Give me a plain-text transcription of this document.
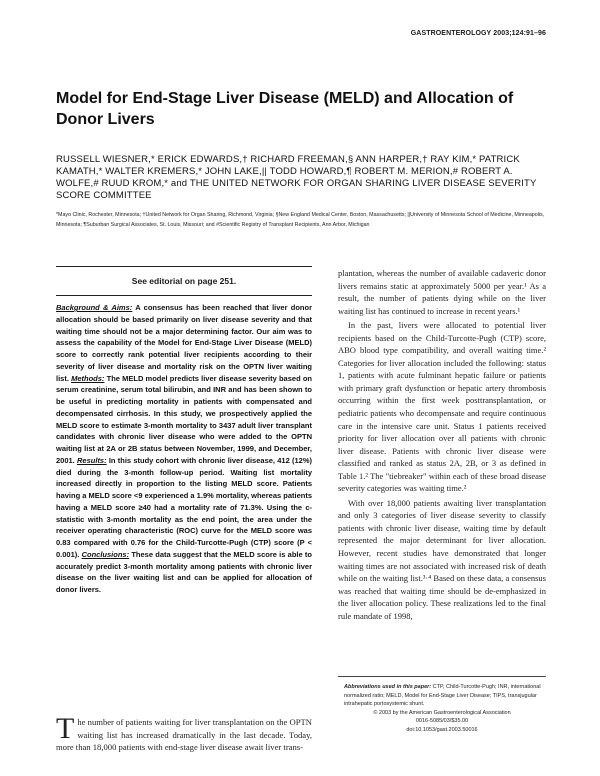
GASTROENTEROLOGY 2003;124:91–96
Model for End-Stage Liver Disease (MELD) and Allocation of Donor Livers
RUSSELL WIESNER,* ERICK EDWARDS,† RICHARD FREEMAN,§ ANN HARPER,† RAY KIM,* PATRICK KAMATH,* WALTER KREMERS,* JOHN LAKE,|| TODD HOWARD,¶ ROBERT M. MERION,# ROBERT A. WOLFE,# RUUD KROM,* and THE UNITED NETWORK FOR ORGAN SHARING LIVER DISEASE SEVERITY SCORE COMMITTEE
*Mayo Clinic, Rochester, Minnesota; †United Network for Organ Sharing, Richmond, Virginia; §New England Medical Center, Boston, Massachusetts; ||University of Minnesota School of Medicine, Minneapolis, Minnesota; ¶Suburban Surgical Associates, St. Louis, Missouri; and #Scientific Registry of Transplant Recipients, Ann Arbor, Michigan
See editorial on page 251.

Background & Aims: A consensus has been reached that liver donor allocation should be based primarily on liver disease severity and that waiting time should not be a major determining factor. Our aim was to assess the capability of the Model for End-Stage Liver Disease (MELD) score to correctly rank potential liver recipients according to their severity of liver disease and mortality risk on the OPTN liver waiting list. Methods: The MELD model predicts liver disease severity based on serum creatinine, serum total bilirubin, and INR and has been shown to be useful in predicting mortality in patients with compensated and decompensated cirrhosis. In this study, we prospectively applied the MELD score to estimate 3-month mortality to 3437 adult liver transplant candidates with chronic liver disease who were added to the OPTN waiting list at 2A or 2B status between November, 1999, and December, 2001. Results: In this study cohort with chronic liver disease, 412 (12%) died during the 3-month follow-up period. Waiting list mortality increased directly in proportion to the listing MELD score. Patients having a MELD score <9 experienced a 1.9% mortality, whereas patients having a MELD score ≥40 had a mortality rate of 71.3%. Using the c-statistic with 3-month mortality as the end point, the area under the receiver operating characteristic (ROC) curve for the MELD score was 0.83 compared with 0.76 for the Child-Turcotte-Pugh (CTP) score (P < 0.001). Conclusions: These data suggest that the MELD score is able to accurately predict 3-month mortality among patients with chronic liver disease on the liver waiting list and can be applied for allocation of donor livers.

The number of patients waiting for liver transplantation on the OPTN waiting list has increased dramatically in the last decade. Today, more than 18,000 patients with end-stage liver disease await liver trans-

plantation, whereas the number of available cadaveric donor livers remains static at approximately 5000 per year.¹ As a result, the number of patients dying while on the liver waiting list has continued to increase in recent years.¹

In the past, livers were allocated to potential liver recipients based on the Child-Turcotte-Pugh (CTP) score, ABO blood type compatibility, and overall waiting time.² Categories for liver allocation included the following: status 1, patients with acute fulminant hepatic failure or patients with primary graft dysfunction or hepatic artery thrombosis occurring within the first week posttransplantation, or pediatric patients who decompensate and require continuous care in the intensive care unit. Status 1 patients received priority for liver allocation over all patients with chronic liver disease. Patients with chronic liver disease were classified and ranked as status 2A, 2B, or 3 as defined in Table 1.² The "tiebreaker" within each of these broad disease severity categories was waiting time.²

With over 18,000 patients awaiting liver transplantation and only 3 categories of liver disease severity to classify patients with chronic liver disease, waiting time by default represented the major determinant for liver allocation. However, recent studies have demonstrated that longer waiting times are not associated with increased risk of death while on the waiting list.³·⁴ Based on these data, a consensus was reached that waiting time should be de-emphasized in the liver allocation policy. These realizations led to the final rule mandate of 1998,

Abbreviations used in this paper: CTP, Child-Turcotte-Pugh; INR, international normalized ratio; MELD, Model for End-Stage Liver Disease; TIPS, transjugular intrahepatic portosystemic shunt.

© 2003 by the American Gastroenterological Association

0016-5085/03/$35.00

doi:10.1053/gast.2003.50016
